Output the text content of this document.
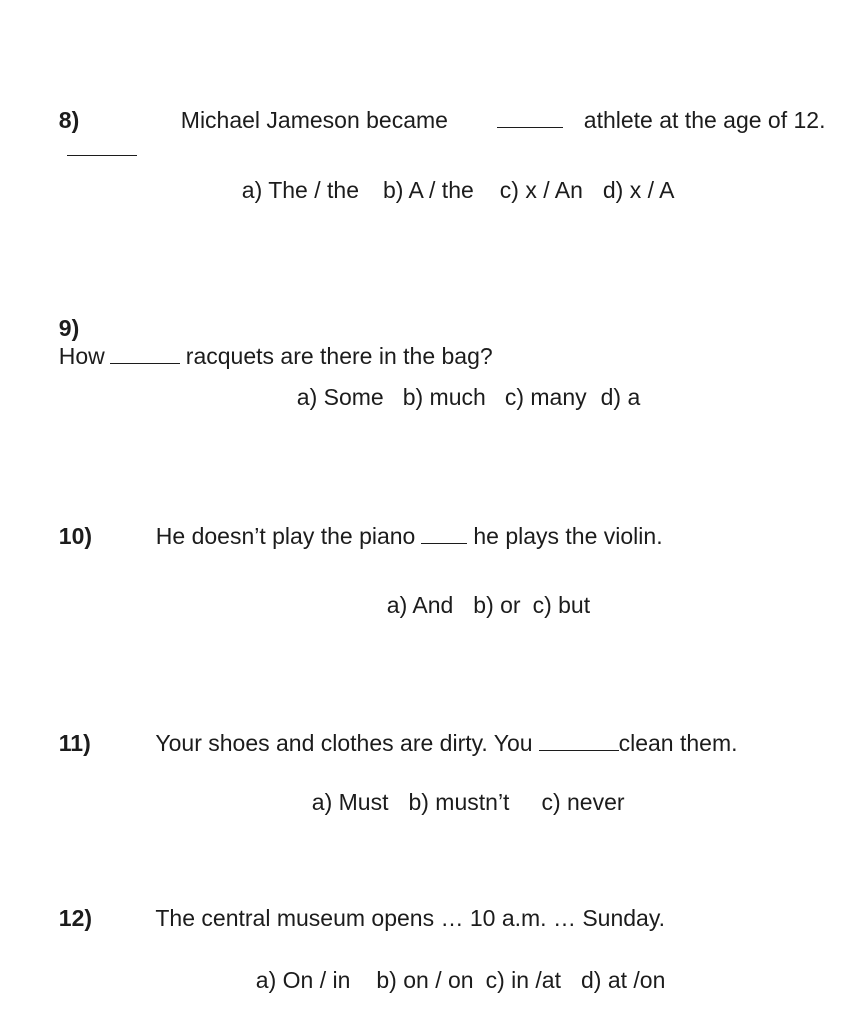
8)
	Michael Jameson became

	athlete at the age of 12.

a) The / the b) A / the c) x / An d) x / A

9)
How	racquets are there in the bag?

a) Some b) much c) many d) a

10)	He doesn’t play the piano	he plays the violin.

a) And b) or c) but

11)	Your shoes and clothes are dirty. You	clean them.

a) Must b) mustn’t c) never

12)	The central museum opens … 10 a.m. … Sunday.

a) On / in b) on / on c) in /at d) at /on
